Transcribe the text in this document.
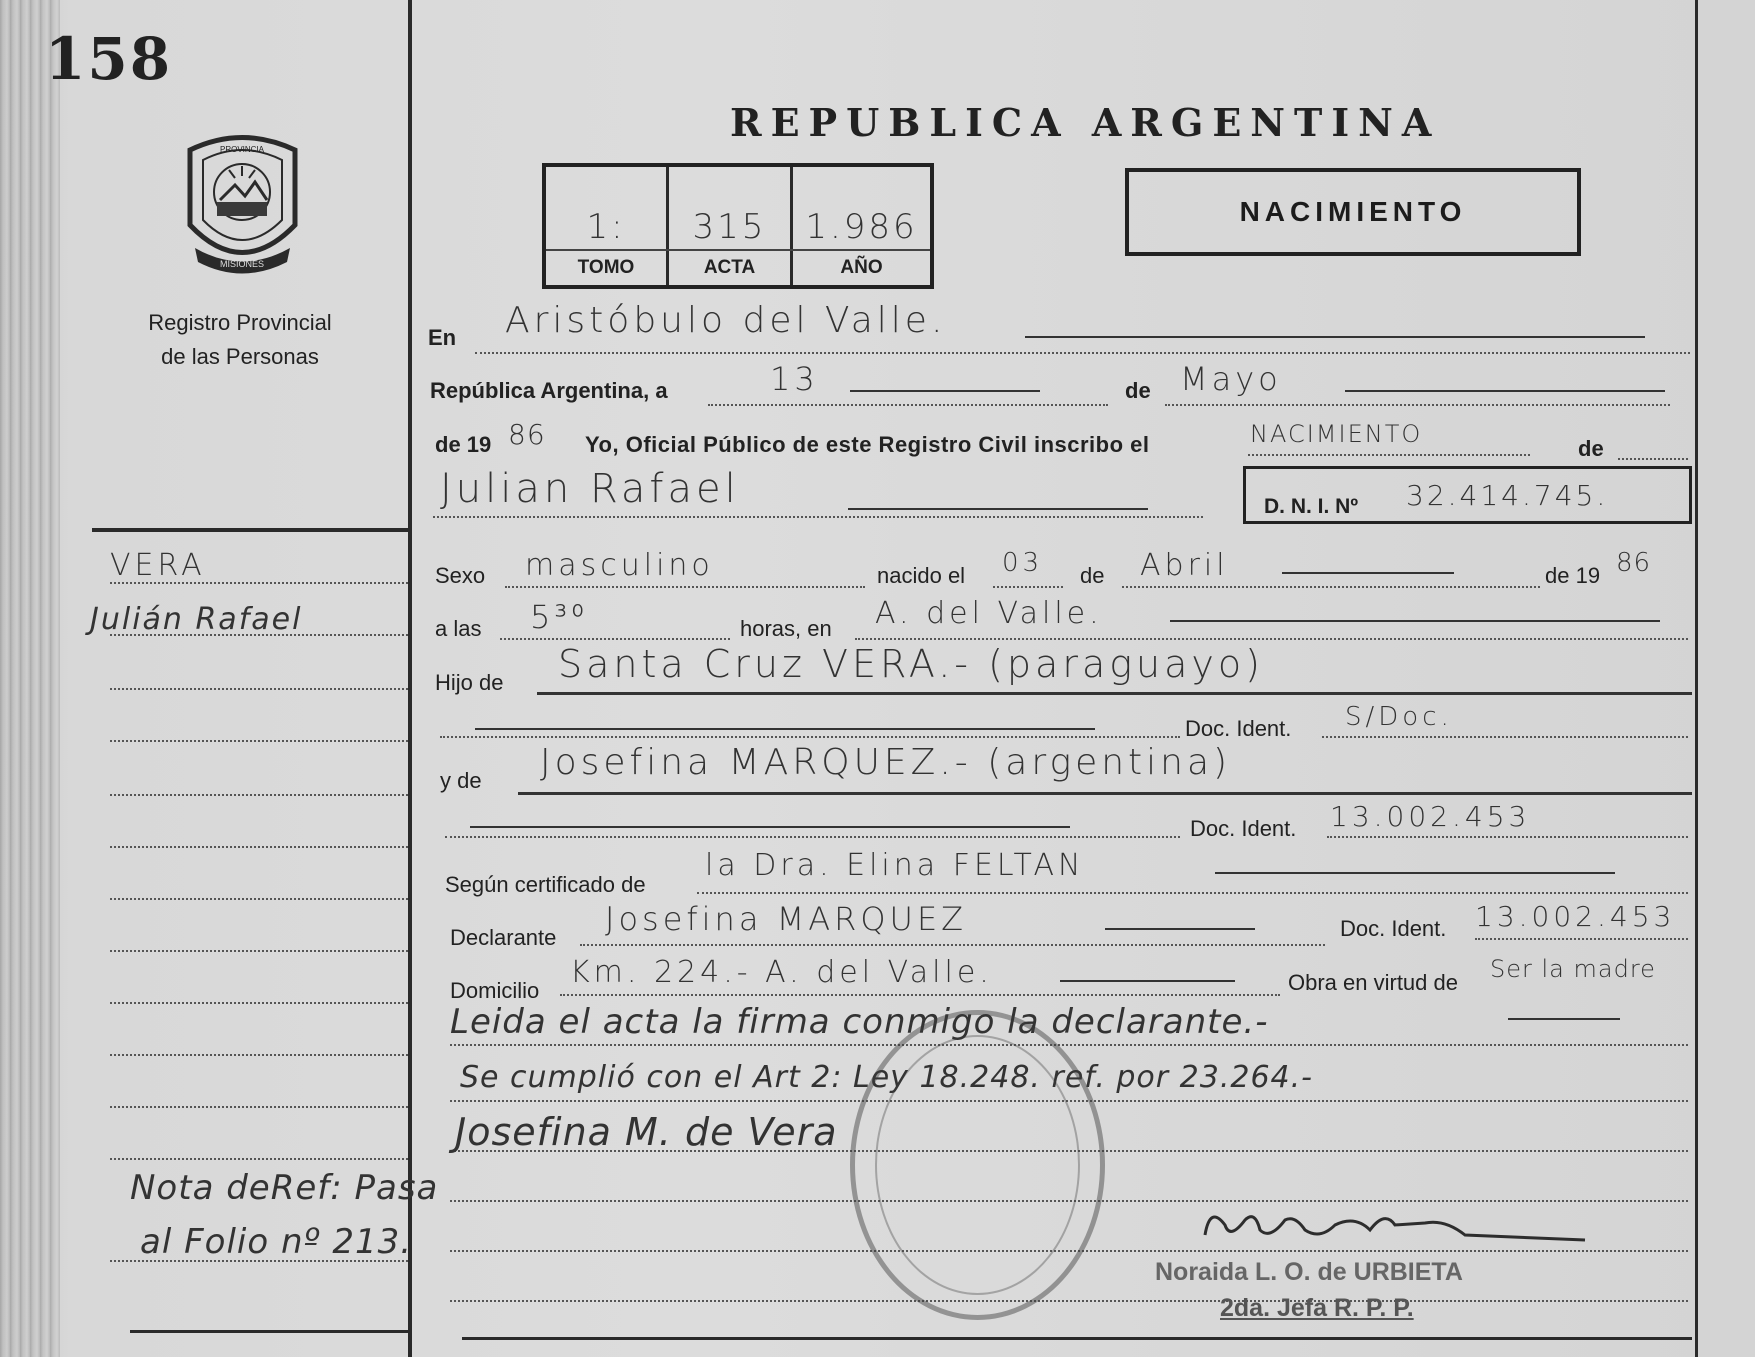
158
MISIONES
PROVINCIA
Registro Provincial
de las Personas
REPUBLICA ARGENTINA
1:	315	1.986
TOMO	ACTA	AÑO
NACIMIENTO
VERA
Julián Rafael
Nota deRef: Pasa
al Folio nº 213.
En Aristóbulo del Valle.
República Argentina, a	13	de Mayo
de 19 86 Yo, Oficial Público de este Registro Civil inscribo el	NACIMIENTO
de
Julian Rafael	D. N. I. Nº 32.414.745.
Sexo masculino	nacido el 03 de Abril	de 19 86
a las 5³⁰	horas, en A. del Valle.
Hijo de Santa Cruz VERA.- (paraguayo)
Doc. Ident. S/Doc.
y de Josefina MARQUEZ.- (argentina)
Doc. Ident. 13.002.453
Según certificado de
la Dra. Elina FELTAN
Declarante Josefina MARQUEZ	Doc. Ident. 13.002.453
Domicilio
Km. 224.- A. del Valle.	Obra en virtud de Ser la madre
Leida el acta la firma conmigo la declarante.-
Se cumplió con el Art 2: Ley 18.248. ref. por 23.264.-
Josefina M. de Vera
Noraida L. O. de URBIETA
2da. Jefa R. P. P.
